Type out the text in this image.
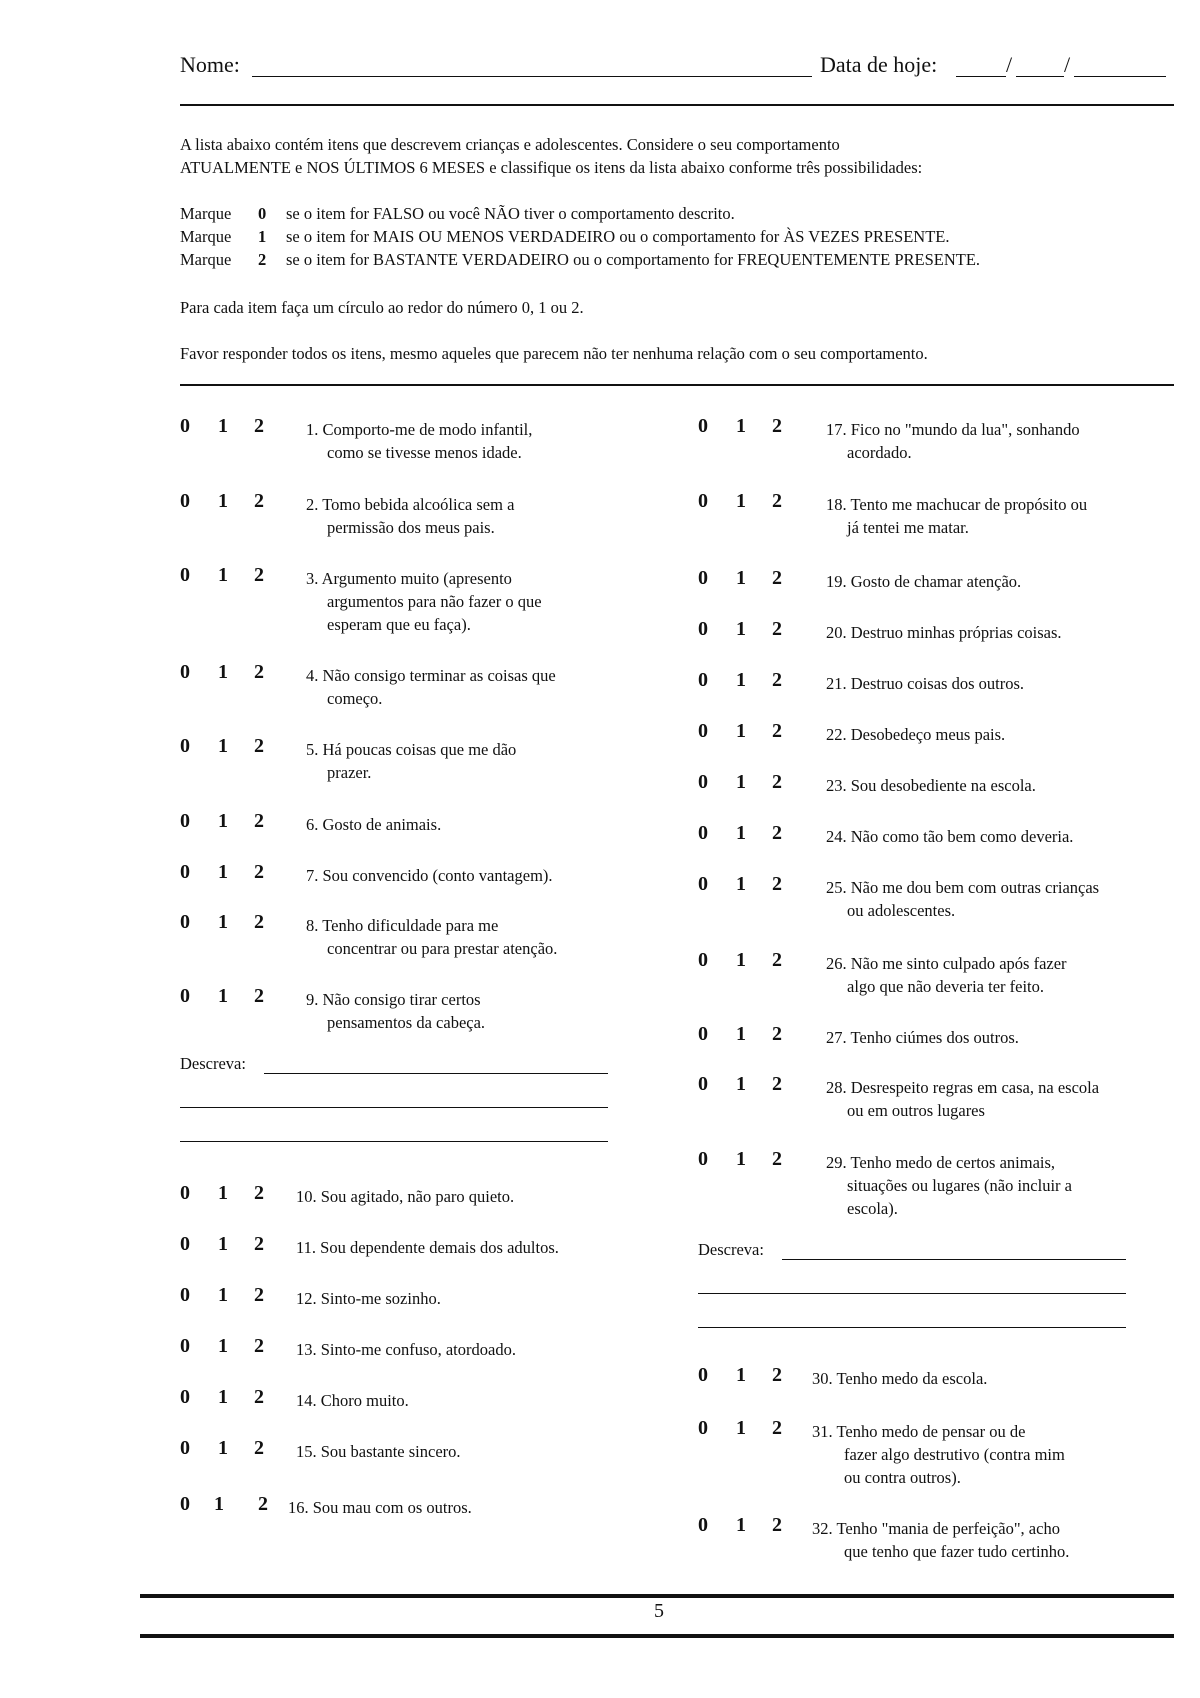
Nome:	Data de hoje:	/ /
A lista abaixo contém itens que descrevem crianças e adolescentes. Considere o seu comportamento
ATUALMENTE e NOS ÚLTIMOS 6 MESES e classifique os itens da lista abaixo conforme três possibilidades:
Marque 0 se o item for FALSO ou você NÃO tiver o comportamento descrito.
Marque 1 se o item for MAIS OU MENOS VERDADEIRO ou o comportamento for ÀS VEZES PRESENTE.
Marque 2 se o item for BASTANTE VERDADEIRO ou o comportamento for FREQUENTEMENTE PRESENTE.
Para cada item faça um círculo ao redor do número 0, 1 ou 2.
Favor responder todos os itens, mesmo aqueles que parecem não ter nenhuma relação com o seu comportamento.
0 1 2	1. Comporto-me de modo infantil,
como se tivesse menos idade.
0 1 2	2. Tomo bebida alcoólica sem a
permissão dos meus pais.
0 1 2	3. Argumento muito (apresento
argumentos para não fazer o que
esperam que eu faça).
0 1 2	4. Não consigo terminar as coisas que
começo.
0 1 2	5. Há poucas coisas que me dão
prazer.
0 1 2	6. Gosto de animais.
0 1 2	7. Sou convencido (conto vantagem).
0 1 2	8. Tenho dificuldade para me
concentrar ou para prestar atenção.
0 1 2	9. Não consigo tirar certos
pensamentos da cabeça.
0 1 2 10. Sou agitado, não paro quieto.
0 1 2 11. Sou dependente demais dos adultos.
0 1 2 12. Sinto-me sozinho.
0 1 2 13. Sinto-me confuso, atordoado.
0 1 2 14. Choro muito.
0 1 2 15. Sou bastante sincero.
0 1 2 16. Sou mau com os outros.
0 1 2	17. Fico no "mundo da lua", sonhando
acordado.
0 1 2	18. Tento me machucar de propósito ou
já tentei me matar.
0 1 2	19. Gosto de chamar atenção.
0 1 2	20. Destruo minhas próprias coisas.
0 1 2	21. Destruo coisas dos outros.
0 1 2	22. Desobedeço meus pais.
0 1 2	23. Sou desobediente na escola.
0 1 2	24. Não como tão bem como deveria.
0 1 2	25. Não me dou bem com outras crianças
ou adolescentes.
0 1 2	26. Não me sinto culpado após fazer
algo que não deveria ter feito.
0 1 2	27. Tenho ciúmes dos outros.
0 1 2	28. Desrespeito regras em casa, na escola
ou em outros lugares
0 1 2	29. Tenho medo de certos animais,
situações ou lugares (não incluir a
escola).
0 1 2 30. Tenho medo da escola.
0 1 2 31. Tenho medo de pensar ou de
fazer algo destrutivo (contra mim
ou contra outros).
0 1 2 32. Tenho "mania de perfeição", acho
que tenho que fazer tudo certinho.
Descreva:
Descreva:
5
